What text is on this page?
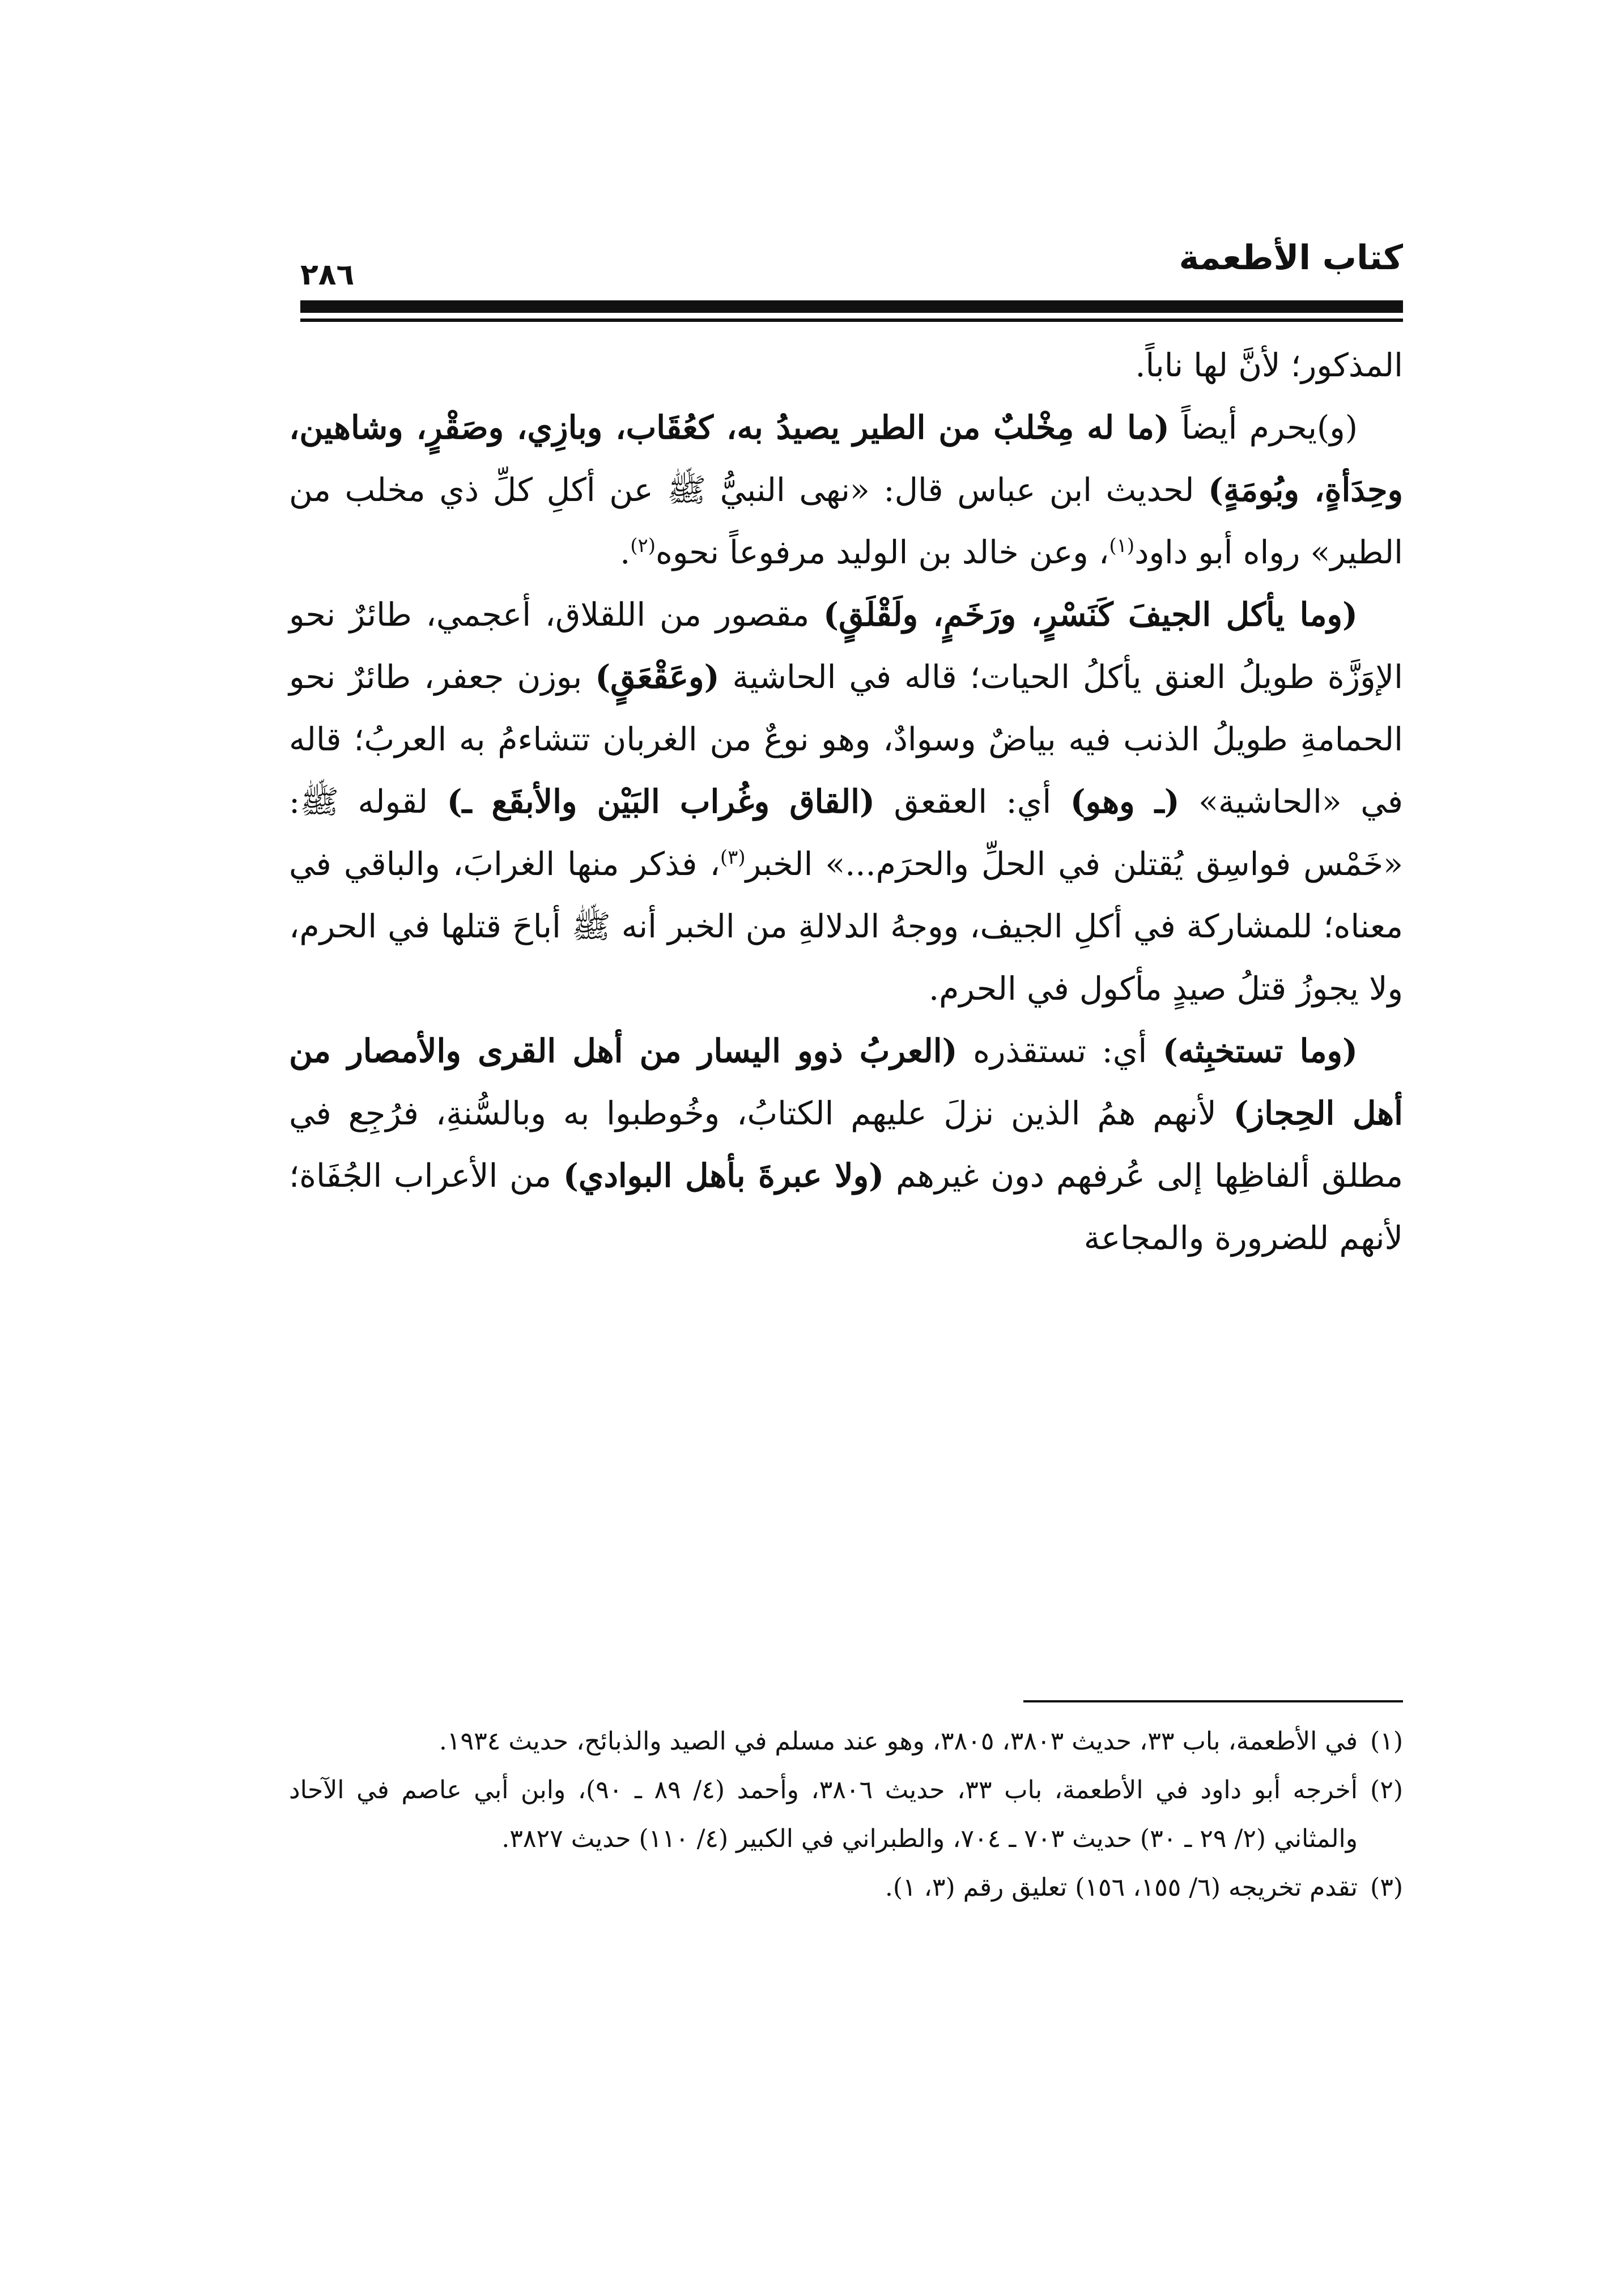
كتاب الأطعمة
٢٨٦

المذكور؛ لأنَّ لها ناباً.

(و)يحرم أيضاً (ما له مِخْلبٌ من الطير يصيدُ به، كعُقَاب، وبازِي، وصَقْرٍ، وشاهين، وحِدَأةٍ، وبُومَةٍ) لحديث ابن عباس قال: «نهى النبيُّ ﷺ عن أكلِ كلِّ ذي مخلب من الطير» رواه أبو داود$^{(١)}$، وعن خالد بن الوليد مرفوعاً نحوه$^{(٢)}$.

(وما يأكل الجيفَ كَنَسْرٍ، ورَخَمٍ، ولَقْلَقٍ) مقصور من اللقلاق، أعجمي، طائرٌ نحو الإوَزَّة طويلُ العنق يأكلُ الحيات؛ قاله في الحاشية (وعَقْعَقٍ) بوزن جعفر، طائرٌ نحو الحمامةِ طويلُ الذنب فيه بياضٌ وسوادٌ، وهو نوعٌ من الغربان تتشاءمُ به العربُ؛ قاله في «الحاشية» (ـ وهو) أي: العقعق (القاق وغُراب البَيْن والأبقَع ـ) لقوله ﷺ: «خَمْس فواسِق يُقتلن في الحلِّ والحرَم...» الخبر$^{(٣)}$، فذكر منها الغرابَ، والباقي في معناه؛ للمشاركة في أكلِ الجيف، ووجهُ الدلالةِ من الخبر أنه ﷺ أباحَ قتلها في الحرم، ولا يجوزُ قتلُ صيدٍ مأكول في الحرم.

(وما تستخبِثه) أي: تستقذره (العربُ ذوو اليسار من أهل القرى والأمصار من أهل الحِجاز) لأنهم همُ الذين نزلَ عليهم الكتابُ، وخُوطبوا به وبالسُّنةِ، فرُجِع في مطلق ألفاظِها إلى عُرفهم دون غيرهم (ولا عبرةَ بأهل البوادي) من الأعراب الجُفَاة؛ لأنهم للضرورة والمجاعة

(١)
في الأطعمة، باب ٣٣، حديث ٣٨٠٣، ٣٨٠٥، وهو عند مسلم في الصيد والذبائح، حديث ١٩٣٤.

(٢)
أخرجه أبو داود في الأطعمة، باب ٣٣، حديث ٣٨٠٦، وأحمد (٤/ ٨٩ ـ ٩٠)، وابن أبي عاصم في الآحاد والمثاني (٢/ ٢٩ ـ ٣٠) حديث ٧٠٣ ـ ٧٠٤، والطبراني في الكبير (٤/ ١١٠) حديث ٣٨٢٧.

(٣)
تقدم تخريجه (٦/ ١٥٥، ١٥٦) تعليق رقم (٣، ١).
